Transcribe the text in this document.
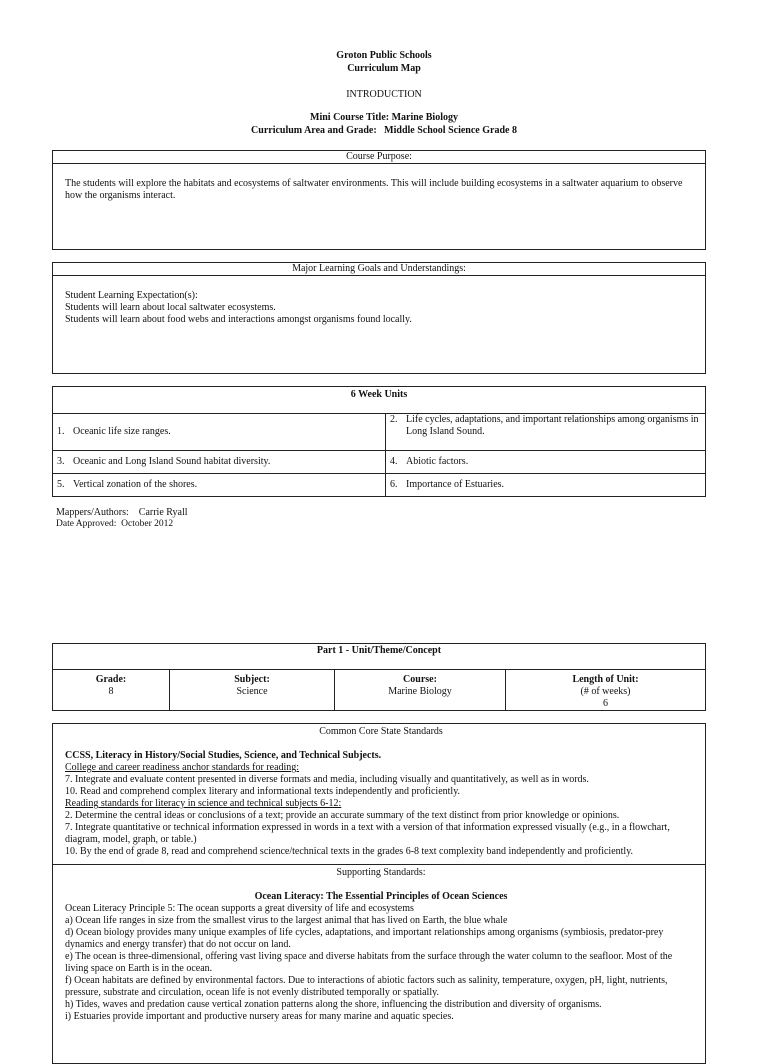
Groton Public Schools
Curriculum Map
INTRODUCTION
Mini Course Title: Marine Biology
Curriculum Area and Grade:   Middle School Science Grade 8
Course Purpose:
The students will explore the habitats and ecosystems of saltwater environments. This will include building ecosystems in a saltwater aquarium to observe how the organisms interact.
Major Learning Goals and Understandings:
Student Learning Expectation(s):
Students will learn about local saltwater ecosystems.
Students will learn about food webs and interactions amongst organisms found locally.
6 Week Units	
1. Oceanic life size ranges.	2. Life cycles, adaptations, and important relationships among organisms in Long Island Sound.

3. Oceanic and Long Island Sound habitat diversity.	4. Abiotic factors.
5. Vertical zonation of the shores.	6. Importance of Estuaries.
Mappers/Authors:    Carrie Ryall
Date Approved:  October 2012
Part 1 - Unit/Theme/Concept

Grade:
8

Subject:
Science

Course:
Marine Biology

Length of Unit:
(# of weeks)
6
Common Core State Standards
CCSS, Literacy in History/Social Studies, Science, and Technical Subjects.
College and career readiness anchor standards for reading:
7. Integrate and evaluate content presented in diverse formats and media, including visually and quantitatively, as well as in words.
10. Read and comprehend complex literary and informational texts independently and proficiently.
Reading standards for literacy in science and technical subjects 6-12:
2. Determine the central ideas or conclusions of a text; provide an accurate summary of the text distinct from prior knowledge or opinions.
7. Integrate quantitative or technical information expressed in words in a text with a version of that information expressed visually (e.g., in a flowchart, diagram, model, graph, or table.)
10. By the end of grade 8, read and comprehend science/technical texts in the grades 6-8 text complexity band independently and proficiently.

Supporting Standards:
Ocean Literacy: The Essential Principles of Ocean Sciences
Ocean Literacy Principle 5: The ocean supports a great diversity of life and ecosystems
a) Ocean life ranges in size from the smallest virus to the largest animal that has lived on Earth, the blue whale
d) Ocean biology provides many unique examples of life cycles, adaptations, and important relationships among organisms (symbiosis, predator-prey dynamics and energy transfer) that do not occur on land.
e) The ocean is three-dimensional, offering vast living space and diverse habitats from the surface through the water column to the seafloor. Most of the living space on Earth is in the ocean.
f) Ocean habitats are defined by environmental factors. Due to interactions of abiotic factors such as salinity, temperature, oxygen, pH, light, nutrients, pressure, substrate and circulation, ocean life is not evenly distributed temporally or spatially.
h) Tides, waves and predation cause vertical zonation patterns along the shore, influencing the distribution and diversity of organisms.
i) Estuaries provide important and productive nursery areas for many marine and aquatic species.
